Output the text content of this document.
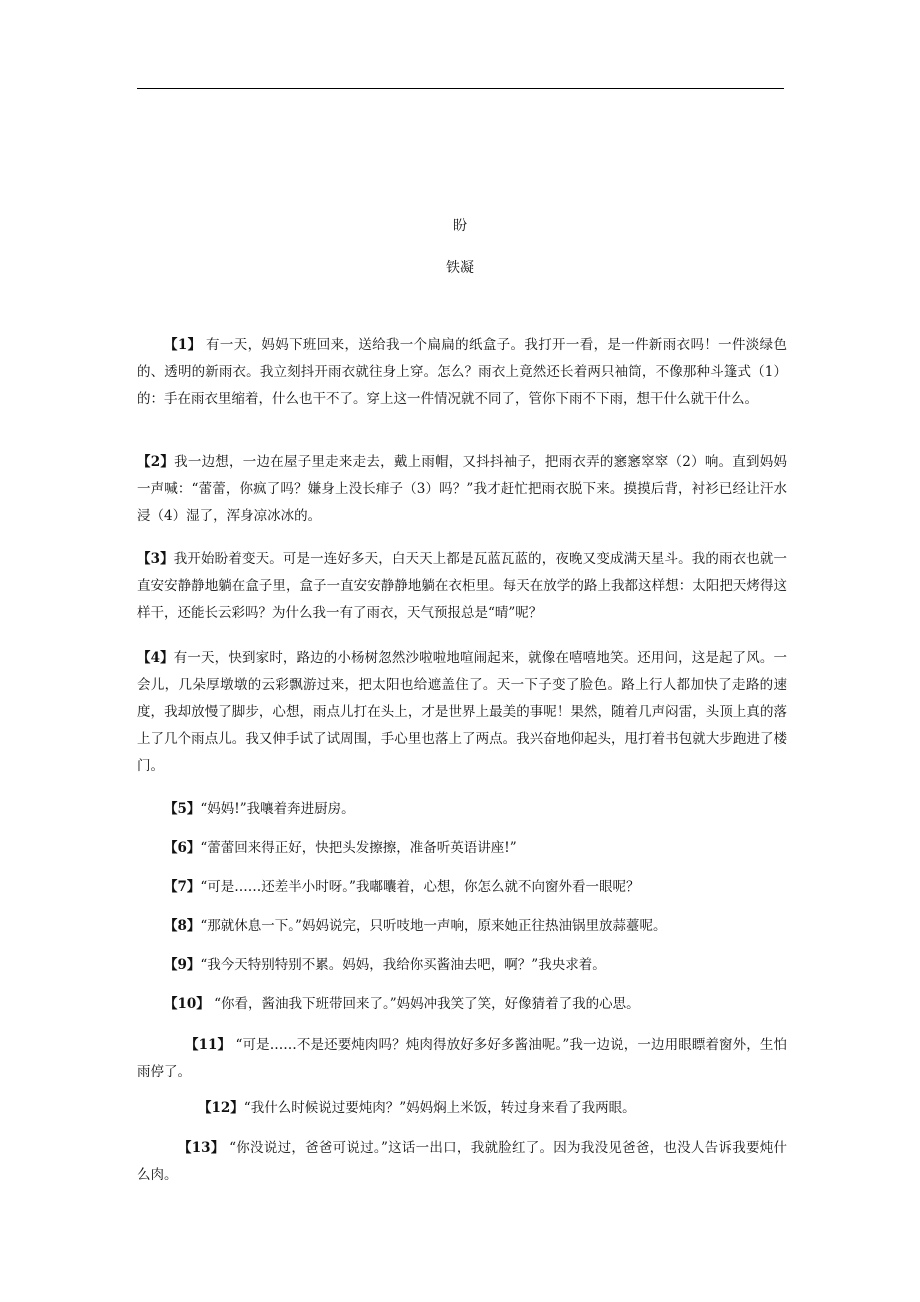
盼
铁凝

【1】 有一天，妈妈下班回来，送给我一个扁扁的纸盒子。我打开一看，是一件新雨衣吗！一件淡绿色的、透明的新雨衣。我立刻抖开雨衣就往身上穿。怎么？雨衣上竟然还长着两只袖筒，不像那种斗篷式（1）的：手在雨衣里缩着，什么也干不了。穿上这一件情况就不同了，管你下雨不下雨，想干什么就干什么。

【2】我一边想，一边在屋子里走来走去，戴上雨帽，又抖抖袖子，把雨衣弄的窸窸窣窣（2）响。直到妈妈一声喊：“蕾蕾，你疯了吗？嫌身上没长痱子（3）吗？”我才赶忙把雨衣脱下来。摸摸后背，衬衫已经让汗水浸（4）湿了，浑身凉冰冰的。

【3】我开始盼着变天。可是一连好多天，白天天上都是瓦蓝瓦蓝的，夜晚又变成满天星斗。我的雨衣也就一直安安静静地躺在盒子里，盒子一直安安静静地躺在衣柜里。每天在放学的路上我都这样想：太阳把天烤得这样干，还能长云彩吗？为什么我一有了雨衣，天气预报总是“晴”呢？

【4】有一天，快到家时，路边的小杨树忽然沙啦啦地喧闹起来，就像在嘻嘻地笑。还用问，这是起了风。一会儿，几朵厚墩墩的云彩飘游过来，把太阳也给遮盖住了。天一下子变了脸色。路上行人都加快了走路的速度，我却放慢了脚步，心想，雨点儿打在头上，才是世界上最美的事呢！果然，随着几声闷雷，头顶上真的落上了几个雨点儿。我又伸手试了试周围，手心里也落上了两点。我兴奋地仰起头，甩打着书包就大步跑进了楼门。

【5】“妈妈!”我嚷着奔进厨房。

【6】“蕾蕾回来得正好，快把头发擦擦，准备听英语讲座!”

【7】“可是……还差半小时呀。”我嘟囔着，心想，你怎么就不向窗外看一眼呢？

【8】“那就休息一下。”妈妈说完，只听吱地一声响，原来她正往热油锅里放蒜薹呢。

【9】“我今天特别特别不累。妈妈，我给你买酱油去吧，啊？”我央求着。

【10】 “你看，酱油我下班带回来了。”妈妈冲我笑了笑，好像猜着了我的心思。

【11】 “可是……不是还要炖肉吗？炖肉得放好多好多酱油呢。”我一边说，一边用眼瞟着窗外，生怕雨停了。

【12】“我什么时候说过要炖肉？”妈妈焖上米饭，转过身来看了我两眼。

【13】 “你没说过，爸爸可说过。”这话一出口，我就脸红了。因为我没见爸爸，也没人告诉我要炖什么肉。
